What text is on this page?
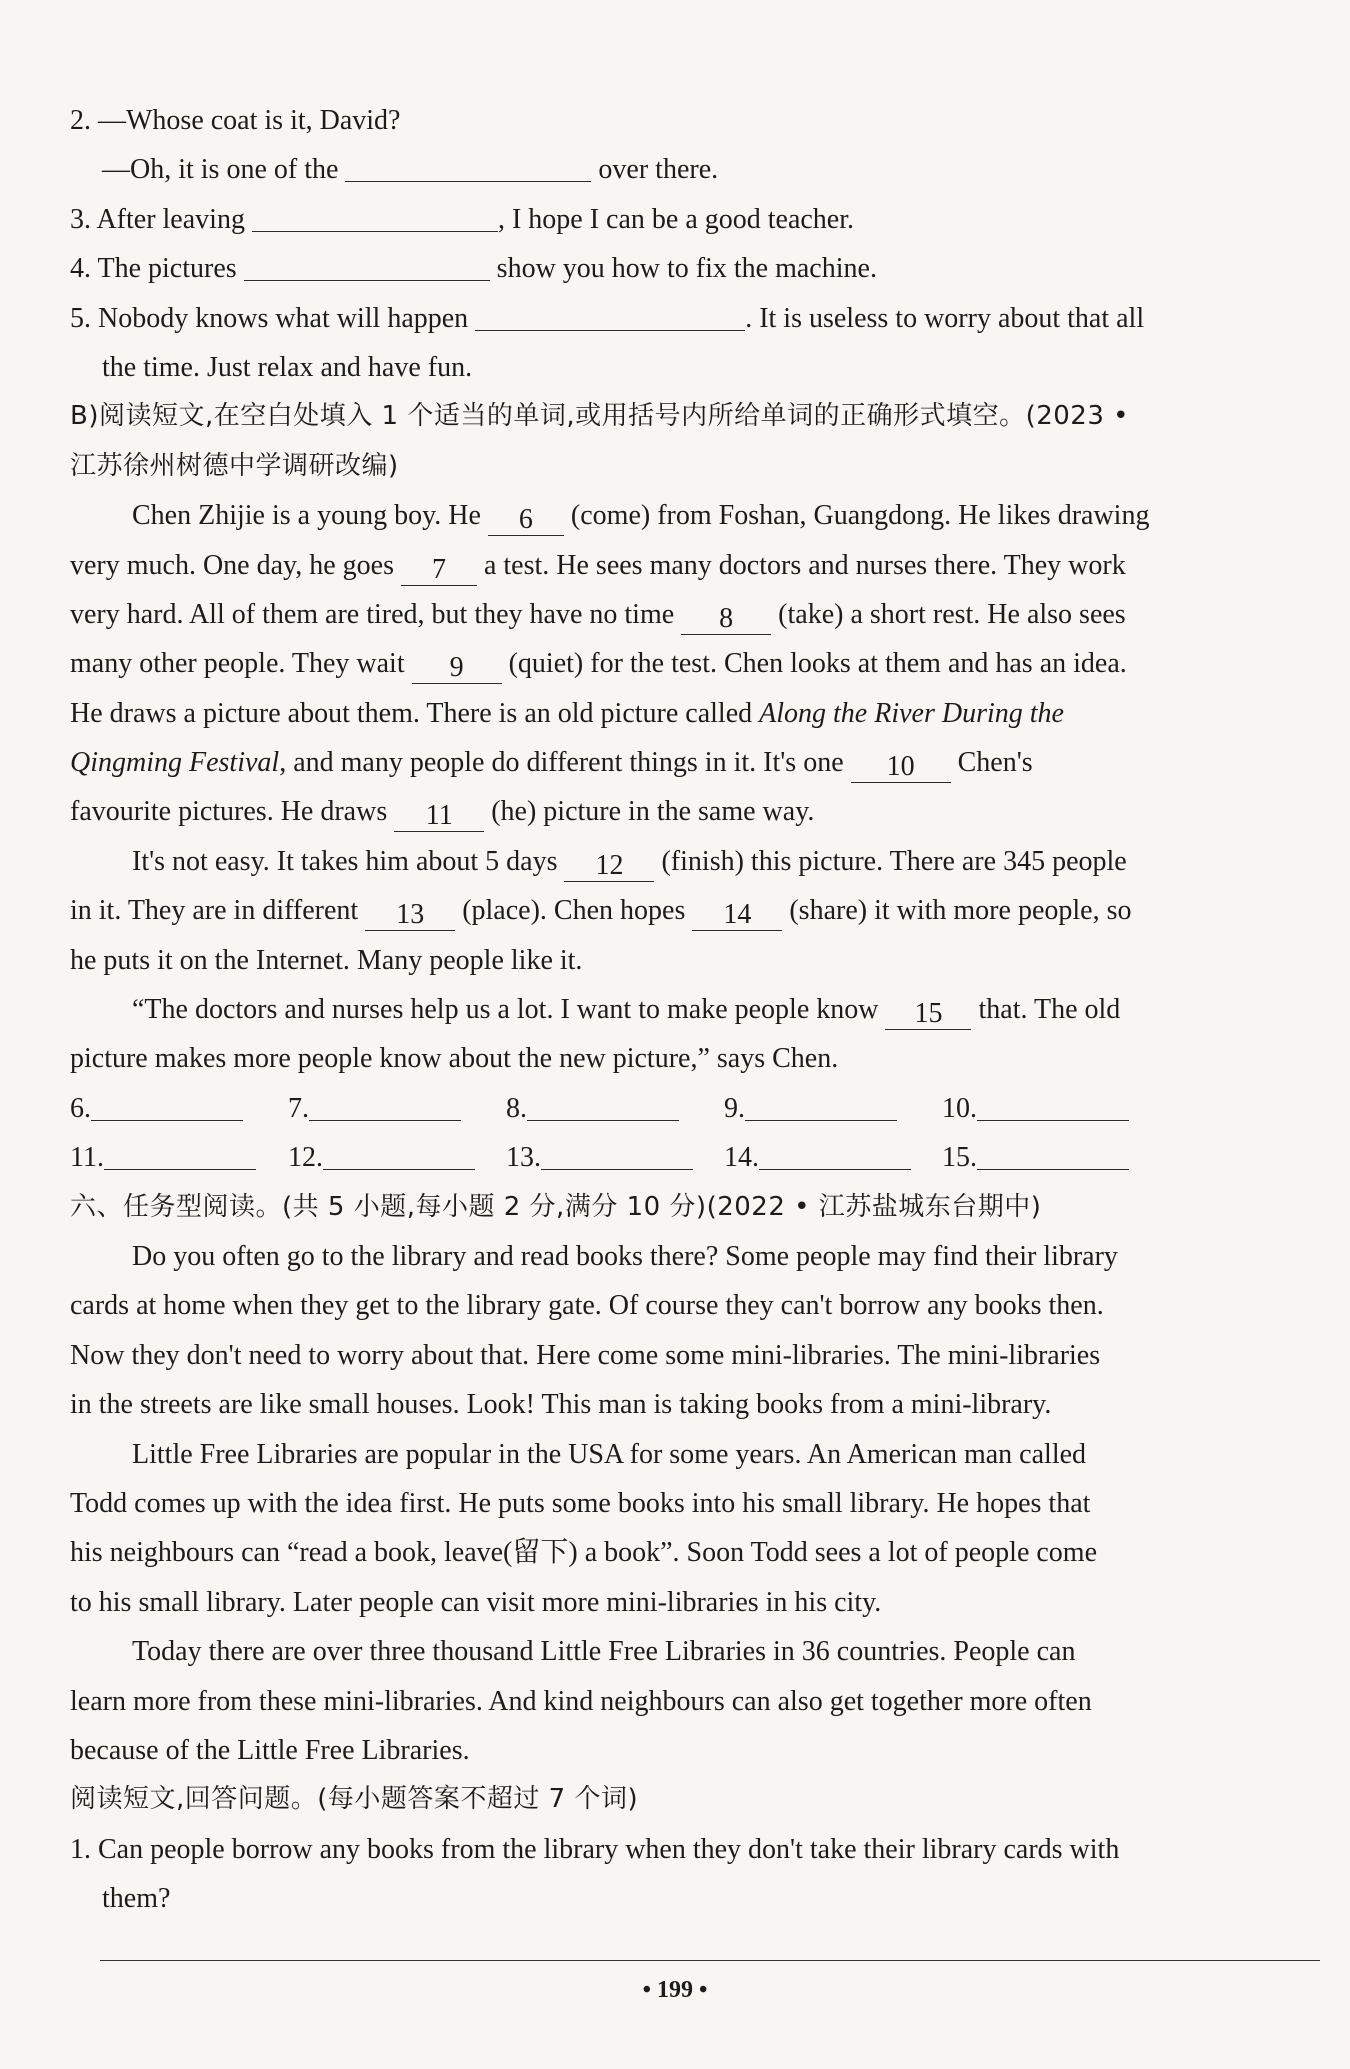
2. —Whose coat is it, David?
—Oh, it is one of the	over there.
3. After leaving	, I hope I can be a good teacher.
4. The pictures	show you how to fix the machine.
5. Nobody knows what will happen	. It is useless to worry about that all
the time. Just relax and have fun.
B)阅读短文,在空白处填入 1 个适当的单词,或用括号内所给单词的正确形式填空。(2023 •
江苏徐州树德中学调研改编)
Chen Zhijie is a young boy. He 6 (come) from Foshan, Guangdong. He likes drawing
very much. One day, he goes 7 a test. He sees many doctors and nurses there. They work
very hard. All of them are tired, but they have no time 8 (take) a short rest. He also sees
many other people. They wait 9 (quiet) for the test. Chen looks at them and has an idea.
He draws a picture about them. There is an old picture called Along the River During the
Qingming Festival, and many people do different things in it. It's one 10 Chen's
favourite pictures. He draws 11 (he) picture in the same way.
It's not easy. It takes him about 5 days 12 (finish) this picture. There are 345 people
in it. They are in different 13 (place). Chen hopes 14 (share) it with more people, so
he puts it on the Internet. Many people like it.
“The doctors and nurses help us a lot. I want to make people know 15 that. The old
picture makes more people know about the new picture,” says Chen.
6.	7.	8.	9.	10.
11.	12.	13.	14.	15.
六、任务型阅读。(共 5 小题,每小题 2 分,满分 10 分)(2022 • 江苏盐城东台期中)
Do you often go to the library and read books there? Some people may find their library
cards at home when they get to the library gate. Of course they can't borrow any books then.
Now they don't need to worry about that. Here come some mini-libraries. The mini-libraries
in the streets are like small houses. Look! This man is taking books from a mini-library.
Little Free Libraries are popular in the USA for some years. An American man called
Todd comes up with the idea first. He puts some books into his small library. He hopes that
his neighbours can “read a book, leave(留下) a book”. Soon Todd sees a lot of people come
to his small library. Later people can visit more mini-libraries in his city.
Today there are over three thousand Little Free Libraries in 36 countries. People can
learn more from these mini-libraries. And kind neighbours can also get together more often
because of the Little Free Libraries.
阅读短文,回答问题。(每小题答案不超过 7 个词)
1. Can people borrow any books from the library when they don't take their library cards with
them?
• 199 •
